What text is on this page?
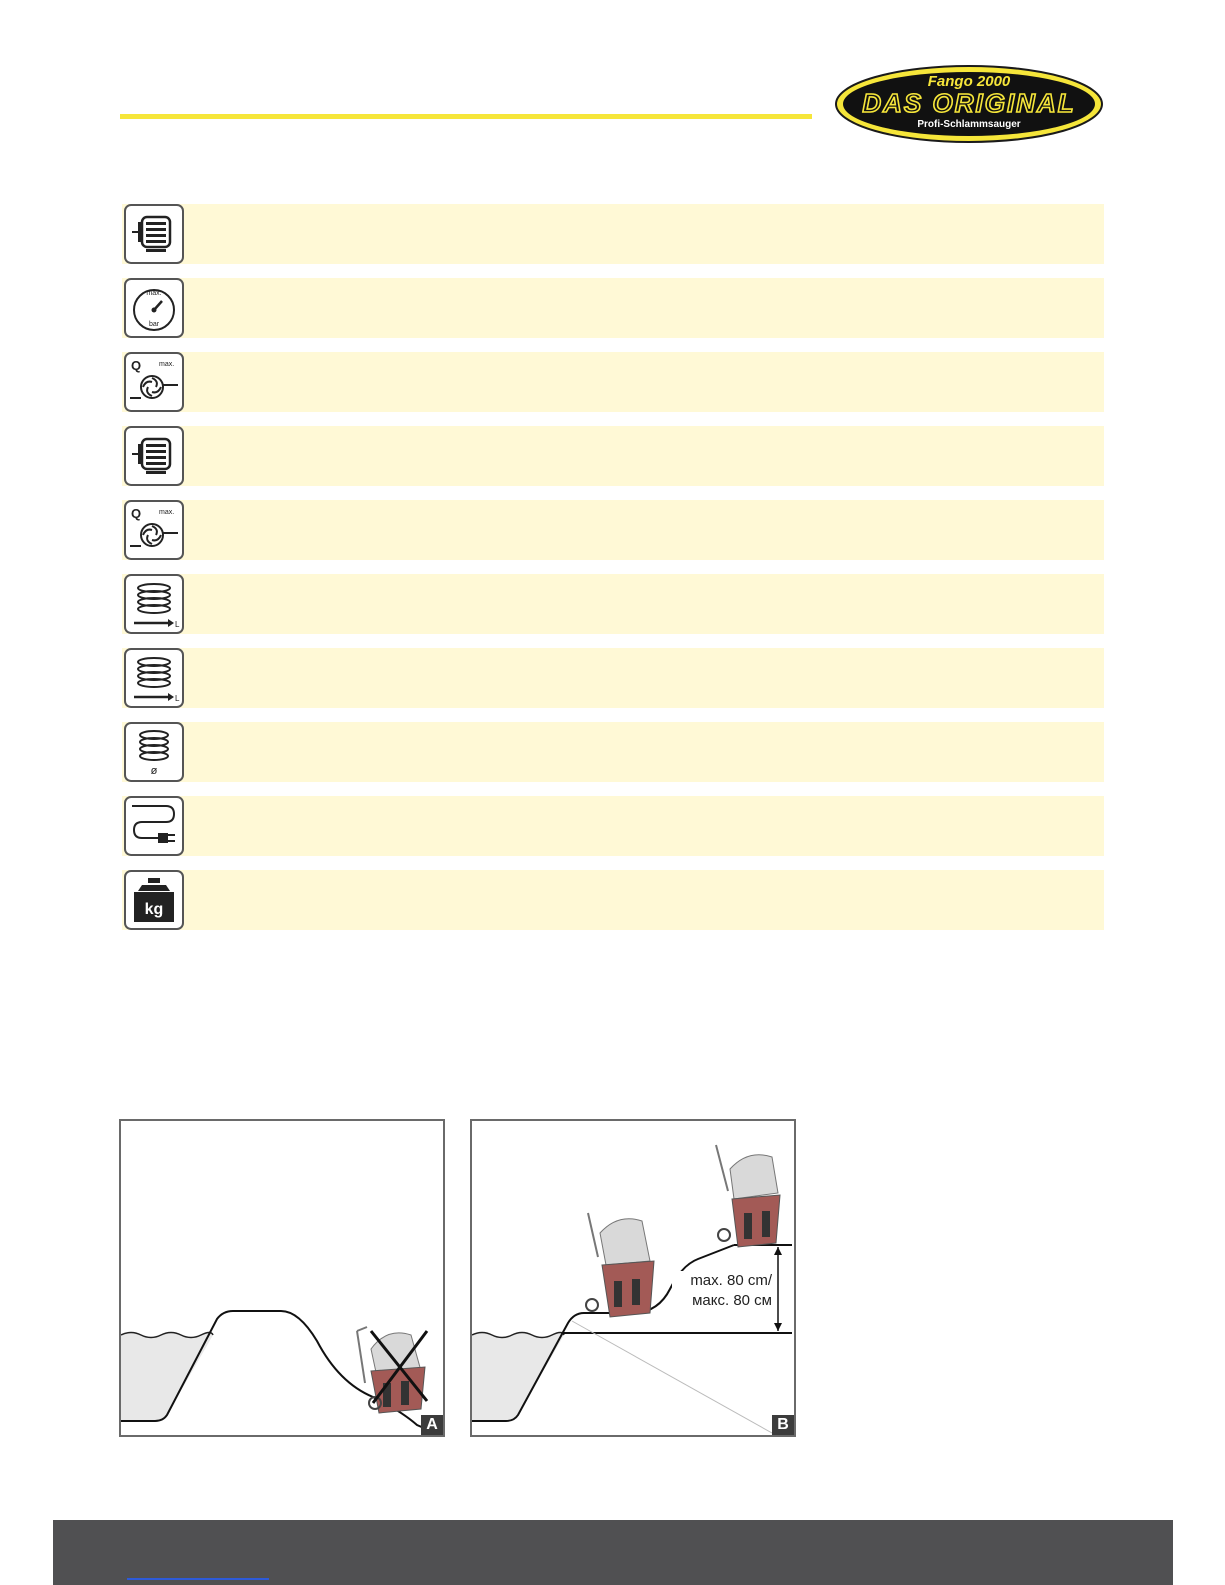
Fango 2000
DAS ORIGINAL
Profi-Schlammsauger
max.
bar
Q	max.
Q	max.
L
L
ø
kg
A
max. 80 cm/
макс. 80 см
B
